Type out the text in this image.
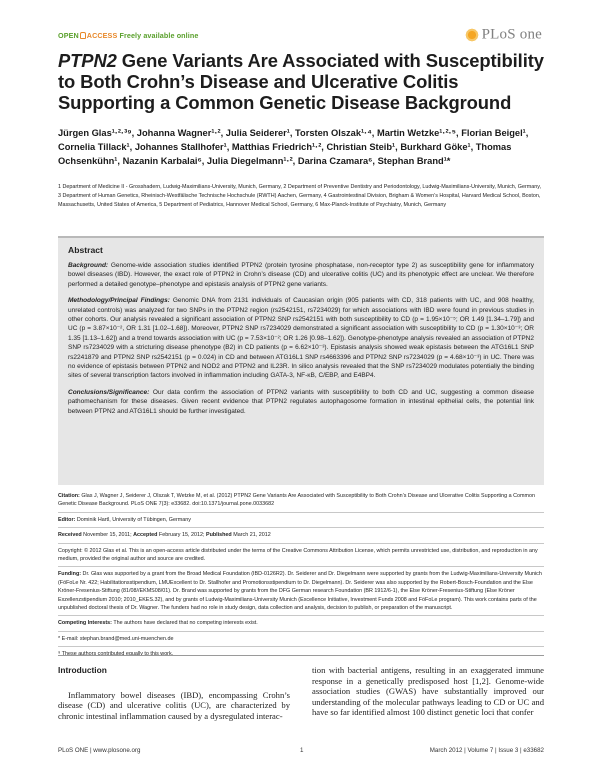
OPEN ACCESS Freely available online	PLoS one
PTPN2 Gene Variants Are Associated with Susceptibility to Both Crohn’s Disease and Ulcerative Colitis Supporting a Common Genetic Disease Background
Jürgen Glas¹·²·³⁹, Johanna Wagner¹·², Julia Seiderer¹, Torsten Olszak¹·⁴, Martin Wetzke¹·²·⁵, Florian Beigel¹, Cornelia Tillack¹, Johannes Stallhofer¹, Matthias Friedrich¹·², Christian Steib¹, Burkhard Göke¹, Thomas Ochsenkühn¹, Nazanin Karbalai⁶, Julia Diegelmann¹·², Darina Czamara⁶, Stephan Brand¹*
1 Department of Medicine II - Grosshadern, Ludwig-Maximilians-University, Munich, Germany, 2 Department of Preventive Dentistry and Periodontology, Ludwig-Maximilians-University, Munich, Germany, 3 Department of Human Genetics, Rheinisch-Westfälische Technische Hochschule (RWTH) Aachen, Germany, 4 Gastrointestinal Division, Brigham & Women’s Hospital, Harvard Medical School, Boston, Massachusetts, United States of America, 5 Department of Pediatrics, Hannover Medical School, Germany, 6 Max-Planck-Institute of Psychiatry, Munich, Germany
Abstract

Background: Genome-wide association studies identified PTPN2 (protein tyrosine phosphatase, non-receptor type 2) as susceptibility gene for inflammatory bowel diseases (IBD). However, the exact role of PTPN2 in Crohn’s disease (CD) and ulcerative colitis (UC) and its phenotypic effect are unclear. We therefore performed a detailed genotype–phenotype and epistasis analysis of PTPN2 gene variants.

Methodology/Principal Findings: Genomic DNA from 2131 individuals of Caucasian origin (905 patients with CD, 318 patients with UC, and 908 healthy, unrelated controls) was analyzed for two SNPs in the PTPN2 region (rs2542151, rs7234029) for which associations with IBD were found in previous studies in other cohorts. Our analysis revealed a significant association of PTPN2 SNP rs2542151 with both susceptibility to CD (p = 1.95×10⁻⁵; OR 1.49 [1.34–1.79]) and UC (p = 3.87×10⁻², OR 1.31 [1.02–1.68]). Moreover, PTPN2 SNP rs7234029 demonstrated a significant association with susceptibility to CD (p = 1.30×10⁻³; OR 1.35 [1.13–1.62]) and a trend towards association with UC (p = 7.53×10⁻²; OR 1.26 [0.98–1.62]). Genotype-phenotype analysis revealed an association of PTPN2 SNP rs7234029 with a stricturing disease phenotype (B2) in CD patients (p = 6.62×10⁻³). Epistasis analysis showed weak epistasis between the ATG16L1 SNP rs2241879 and PTPN2 SNP rs2542151 (p = 0.024) in CD and between ATG16L1 SNP rs4663396 and PTPN2 SNP rs7234029 (p = 4.68×10⁻³) in UC. There was no evidence of epistasis between PTPN2 and NOD2 and PTPN2 and IL23R. In silico analysis revealed that the SNP rs7234029 modulates potentially the binding sites of several transcription factors involved in inflammation including GATA-3, NF-κB, C/EBP, and E4BP4.

Conclusions/Significance: Our data confirm the association of PTPN2 variants with susceptibility to both CD and UC, suggesting a common disease pathomechanism for these diseases. Given recent evidence that PTPN2 regulates autophagosome formation in intestinal epithelial cells, the potential link between PTPN2 and ATG16L1 should be further investigated.

Citation: Glas J, Wagner J, Seiderer J, Olszak T, Wetzke M, et al. (2012) PTPN2 Gene Variants Are Associated with Susceptibility to Both Crohn’s Disease and Ulcerative Colitis Supporting a Common Genetic Disease Background. PLoS ONE 7(3): e33682. doi:10.1371/journal.pone.0033682
Editor: Dominik Hartl, University of Tübingen, Germany
Received November 15, 2011; Accepted February 15, 2012; Published March 21, 2012
Copyright: © 2012 Glas et al. This is an open-access article distributed under the terms of the Creative Commons Attribution License, which permits unrestricted use, distribution, and reproduction in any medium, provided the original author and source are credited.
Funding: Dr. Glas was supported by a grant from the Broad Medical Foundation (IBD-0126R2). Dr. Seiderer and Dr. Diegelmann were supported by grants from the Ludwig-Maximilians-University Munich (FöFoLe Nr. 422; Habilitationsstipendium, LMUExcellent to Dr. Stallhofer and Promotionsstipendium to Dr. Diegelmann). Dr. Seiderer was also supported by the Robert-Bosch-Foundation and the Else Kröner-Fresenius-Stiftung (81/08//EKMS08/01). Dr. Brand was supported by grants from the DFG German research Foundation (BR 1912/6-1), the Else Kröner-Fresenius-Stiftung (Else Kröner Exzellenzstipendium 2010; 2010_EKES.32), and by grants of Ludwig-Maximilians-University Munich (Excellence Initiative, Investment Funds 2008 and FöFoLe program). This work contains parts of the unpublished doctoral thesis of Dr. Wagner. The funders had no role in study design, data collection and analysis, decision to publish, or preparation of the manuscript.
Competing Interests: The authors have declared that no competing interests exist.
* E-mail: stephan.brand@med.uni-muenchen.de
⁹ These authors contributed equally to this work.
Introduction

Inflammatory bowel diseases (IBD), encompassing Crohn’s disease (CD) and ulcerative colitis (UC), are characterized by chronic intestinal inflammation caused by a dysregulated interac-

tion with bacterial antigens, resulting in an exaggerated immune response in a genetically predisposed host [1,2]. Genome-wide association studies (GWAS) have substantially improved our understanding of the molecular pathways leading to CD or UC and have so far identified almost 100 distinct genetic loci that confer

PLoS ONE | www.plosone.org	1	March 2012 | Volume 7 | Issue 3 | e33682
